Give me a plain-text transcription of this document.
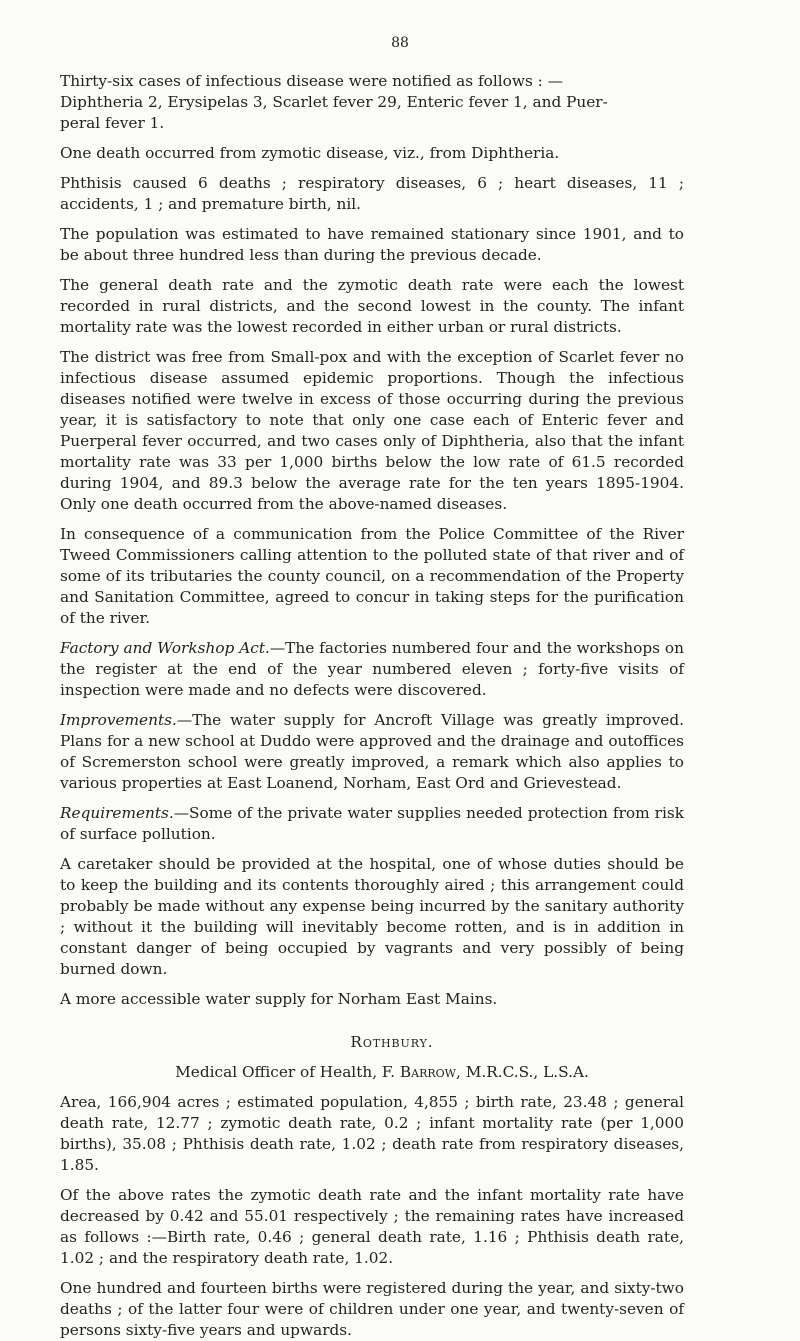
88

Thirty-six cases of infectious disease were notified as follows : —

Diphtheria 2, Erysipelas 3, Scarlet fever 29, Enteric fever 1, and Puer-

peral fever 1.

One death occurred from zymotic disease, viz., from Diphtheria.

Phthisis caused 6 deaths ; respiratory diseases, 6 ; heart diseases, 11 ; accidents, 1 ; and premature birth, nil.

The population was estimated to have remained stationary since 1901, and to be about three hundred less than during the previous decade.

The general death rate and the zymotic death rate were each the lowest recorded in rural districts, and the second lowest in the county. The infant mortality rate was the lowest recorded in either urban or rural districts.

The district was free from Small-pox and with the exception of Scarlet fever no infectious disease assumed epidemic proportions. Though the infectious diseases notified were twelve in excess of those occurring during the previous year, it is satisfactory to note that only one case each of Enteric fever and Puerperal fever occurred, and two cases only of Diphtheria, also that the infant mortality rate was 33 per 1,000 births below the low rate of 61.5 recorded during 1904, and 89.3 below the average rate for the ten years 1895-1904. Only one death occurred from the above-named diseases.

In consequence of a communication from the Police Committee of the River Tweed Commissioners calling attention to the polluted state of that river and of some of its tributaries the county council, on a recommendation of the Property and Sanitation Committee, agreed to concur in taking steps for the purification of the river.

Factory and Workshop Act.—The factories numbered four and the workshops on the register at the end of the year numbered eleven ; forty-five visits of inspection were made and no defects were discovered.

Improvements.—The water supply for Ancroft Village was greatly improved. Plans for a new school at Duddo were approved and the drainage and outoffices of Scremerston school were greatly improved, a remark which also applies to various properties at East Loanend, Norham, East Ord and Grievestead.

Requirements.—Some of the private water supplies needed protection from risk of surface pollution.

A caretaker should be provided at the hospital, one of whose duties should be to keep the building and its contents thoroughly aired ; this arrangement could probably be made without any expense being incurred by the sanitary authority ; without it the building will inevitably become rotten, and is in addition in constant danger of being occupied by vagrants and very possibly of being burned down.

A more accessible water supply for Norham East Mains.

Rothbury.
Medical Officer of Health, F. Barrow, M.R.C.S., L.S.A.

Area, 166,904 acres ; estimated population, 4,855 ; birth rate, 23.48 ; general death rate, 12.77 ; zymotic death rate, 0.2 ; infant mortality rate (per 1,000 births), 35.08 ; Phthisis death rate, 1.02 ; death rate from respiratory diseases, 1.85.

Of the above rates the zymotic death rate and the infant mortality rate have decreased by 0.42 and 55.01 respectively ; the remaining rates have increased as follows :—Birth rate, 0.46 ; general death rate, 1.16 ; Phthisis death rate, 1.02 ; and the respiratory death rate, 1.02.

One hundred and fourteen births were registered during the year, and sixty-two deaths ; of the latter four were of children under one year, and twenty-seven of persons sixty-five years and upwards.
